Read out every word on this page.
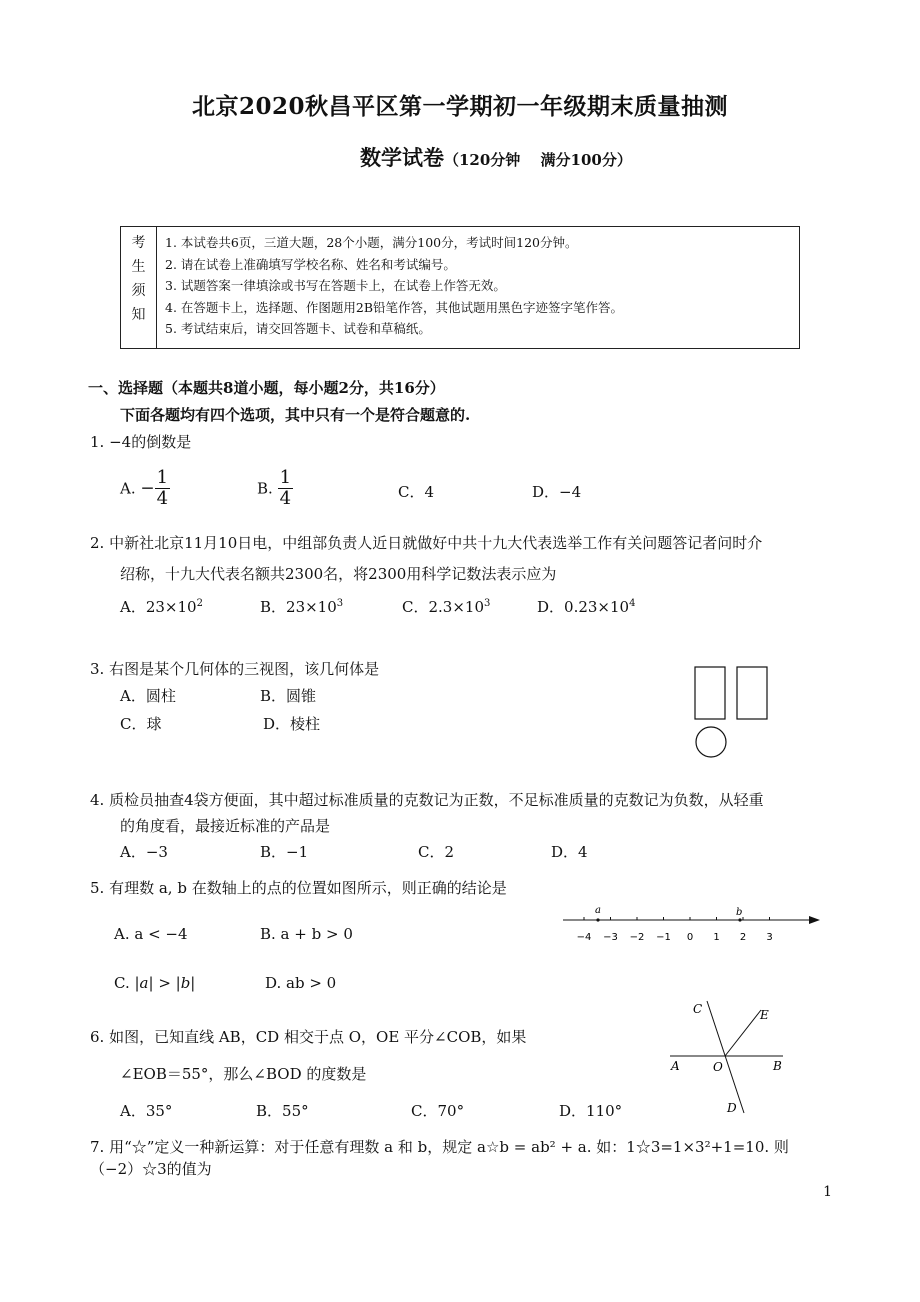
北京2020秋昌平区第一学期初一年级期末质量抽测
数学试卷（120分钟　 满分100分）
考
生
须
知
1. 本试卷共6页，三道大题，28个小题，满分100分，考试时间120分钟。
2. 请在试卷上准确填写学校名称、姓名和考试编号。
3. 试题答案一律填涂或书写在答题卡上，在试卷上作答无效。
4. 在答题卡上，选择题、作图题用2B铅笔作答，其他试题用黑色字迹签字笔作答。
5. 考试结束后，请交回答题卡、试卷和草稿纸。
一、选择题（本题共8道小题，每小题2分，共16分）
下面各题均有四个选项，其中只有一个是符合题意的.
1. −4的倒数是
A. − $\frac{1}{4}$	B. $\frac{1}{4}$	C．4	D．−4
2. 中新社北京11月10日电，中组部负责人近日就做好中共十九大代表选举工作有关问题答记者问时介
绍称，十九大代表名额共2300名，将2300用科学记数法表示应为
A．$23\times 10^2$	B．$23\times 10^3$	C．$2.3\times 10^3$	D．$0.23\times 10^4$
3. 右图是某个几何体的三视图，该几何体是
A．圆柱	B．圆锥
C．球	D．棱柱
4. 质检员抽查4袋方便面，其中超过标准质量的克数记为正数，不足标准质量的克数记为负数，从轻重
的角度看，最接近标准的产品是
A．−3	B．−1	C．2	D．4
5. 有理数 a, b 在数轴上的点的位置如图所示，则正确的结论是
A. a < −4	B. a + b > 0
C. |a| > |b|	D. ab > 0
−4 −3 −2 −1 0 1 2 3
a	b
6. 如图，已知直线 AB，CD 相交于点 O，OE 平分∠COB，如果
∠EOB＝55°，那么∠BOD 的度数是
A．35°	B．55°	C．70°	D．110°
C	E
A	O	B
D
7. 用“☆”定义一种新运算：对于任意有理数 a 和 b，规定 a☆b = ab² + a. 如：1☆3=1×3²+1=10. 则
（−2）☆3的值为
1
